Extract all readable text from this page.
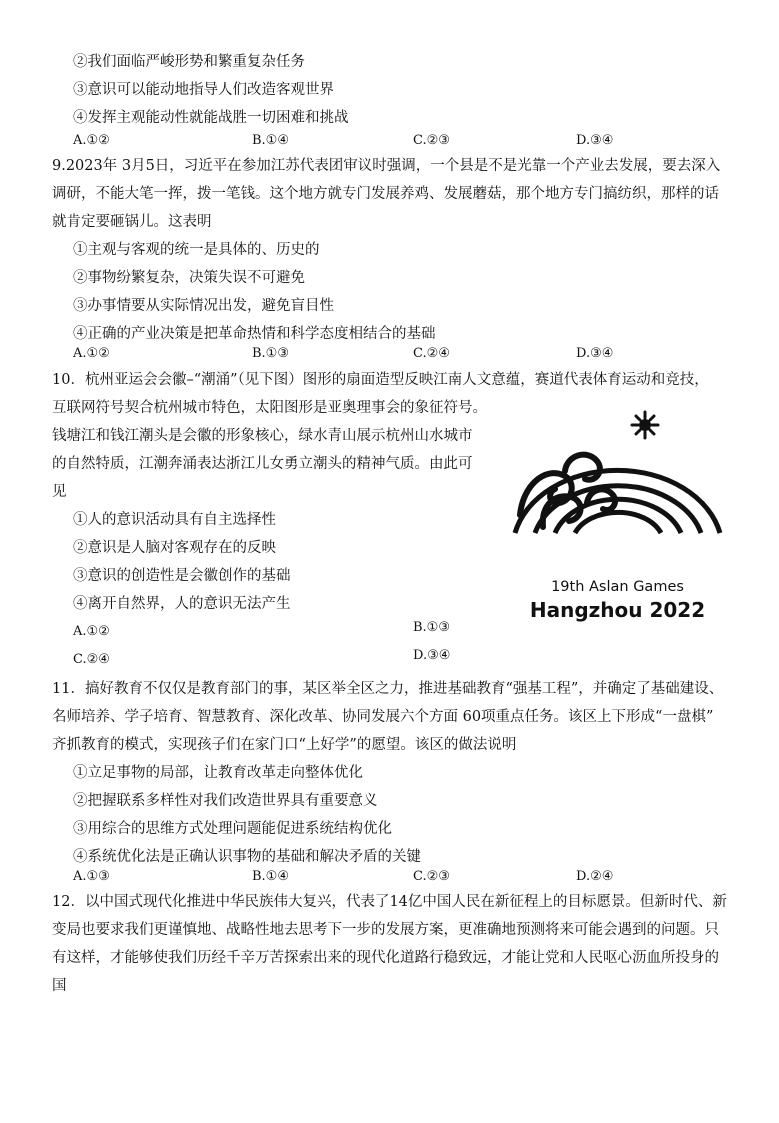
②我们面临严峻形势和繁重复杂任务
③意识可以能动地指导人们改造客观世界
④发挥主观能动性就能战胜一切困难和挑战
A.①②	B.①④	C.②③	D.③④
9.2023年 3月5日，习近平在参加江苏代表团审议时强调，一个县是不是光靠一个产业去发展，要去深入
调研，不能大笔一挥，拨一笔钱。这个地方就专门发展养鸡、发展蘑菇，那个地方专门搞纺织，那样的话
就肯定要砸锅儿。这表明
①主观与客观的统一是具体的、历史的
②事物纷繁复杂，决策失误不可避免
③办事情要从实际情况出发，避免盲目性
④正确的产业决策是把革命热情和科学态度相结合的基础
A.①②	B.①③	C.②④	D.③④
10．杭州亚运会会徽–“潮涌”（见下图）图形的扇面造型反映江南人文意蕴，赛道代表体育运动和竞技，
互联网符号契合杭州城市特色，太阳图形是亚奥理事会的象征符号。
钱塘江和钱江潮头是会徽的形象核心，绿水青山展示杭州山水城市
的自然特质，江潮奔涌表达浙江儿女勇立潮头的精神气质。由此可
见
①人的意识活动具有自主选择性
②意识是人脑对客观存在的反映
③意识的创造性是会徽创作的基础
④离开自然界，人的意识无法产生
A.①②	B.①③
C.②④	D.③④
19th Aslan Games
Hangzhou 2022
11．搞好教育不仅仅是教育部门的事，某区举全区之力，推进基础教育“强基工程”，并确定了基础建设、
名师培养、学子培育、智慧教育、深化改革、协同发展六个方面 60项重点任务。该区上下形成“一盘棋”
齐抓教育的模式，实现孩子们在家门口“上好学”的愿望。该区的做法说明
①立足事物的局部，让教育改革走向整体优化
②把握联系多样性对我们改造世界具有重要意义
③用综合的思维方式处理问题能促进系统结构优化
④系统优化法是正确认识事物的基础和解决矛盾的关键
A.①③	B.①④	C.②③	D.②④
12．以中国式现代化推进中华民族伟大复兴，代表了14亿中国人民在新征程上的目标愿景。但新时代、新
变局也要求我们更谨慎地、战略性地去思考下一步的发展方案，更准确地预测将来可能会遇到的问题。只
有这样，才能够使我们历经千辛万苦探索出来的现代化道路行稳致远，才能让党和人民呕心沥血所投身的
国
